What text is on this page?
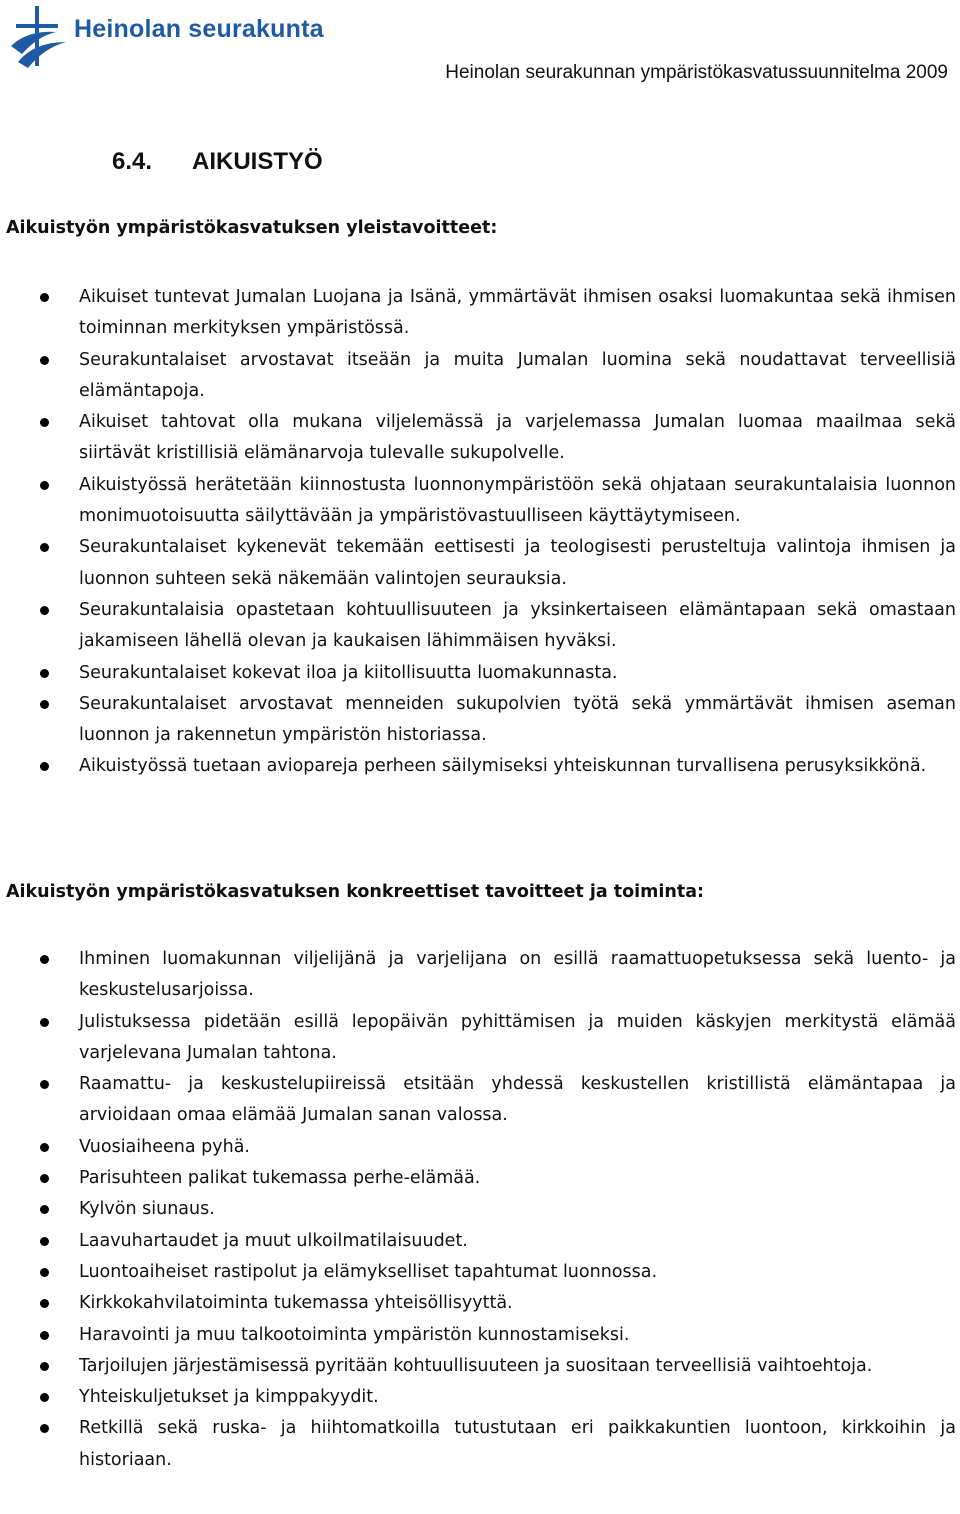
Heinolan seurakunta
Heinolan seurakunnan ympäristökasvatussuunnitelma 2009
6.4. AIKUISTYÖ
Aikuistyön ympäristökasvatuksen yleistavoitteet:
Aikuiset tuntevat Jumalan Luojana ja Isänä, ymmärtävät ihmisen osaksi luomakuntaa sekä ihmisen toiminnan merkityksen ympäristössä.
Seurakuntalaiset arvostavat itseään ja muita Jumalan luomina sekä noudattavat terveellisiä elämäntapoja.
Aikuiset tahtovat olla mukana viljelemässä ja varjelemassa Jumalan luomaa maailmaa sekä siirtävät kristillisiä elämänarvoja tulevalle sukupolvelle.
Aikuistyössä herätetään kiinnostusta luonnonympäristöön sekä ohjataan seurakuntalaisia luonnon monimuotoisuutta säilyttävään ja ympäristövastuulliseen käyttäytymiseen.
Seurakuntalaiset kykenevät tekemään eettisesti ja teologisesti perusteltuja valintoja ihmisen ja luonnon suhteen sekä näkemään valintojen seurauksia.
Seurakuntalaisia opastetaan kohtuullisuuteen ja yksinkertaiseen elämäntapaan sekä omastaan jakamiseen lähellä olevan ja kaukaisen lähimmäisen hyväksi.
Seurakuntalaiset kokevat iloa ja kiitollisuutta luomakunnasta.
Seurakuntalaiset arvostavat menneiden sukupolvien työtä sekä ymmärtävät ihmisen aseman luonnon ja rakennetun ympäristön historiassa.
Aikuistyössä tuetaan aviopareja perheen säilymiseksi yhteiskunnan turvallisena perusyksikkönä.
Aikuistyön ympäristökasvatuksen konkreettiset tavoitteet ja toiminta:
Ihminen luomakunnan viljelijänä ja varjelijana on esillä raamattuopetuksessa sekä luento- ja keskustelusarjoissa.
Julistuksessa pidetään esillä lepopäivän pyhittämisen ja muiden käskyjen merkitystä elämää varjelevana Jumalan tahtona.
Raamattu- ja keskustelupiireissä etsitään yhdessä keskustellen kristillistä elämäntapaa ja arvioidaan omaa elämää Jumalan sanan valossa.
Vuosiaiheena pyhä.
Parisuhteen palikat tukemassa perhe-elämää.
Kylvön siunaus.
Laavuhartaudet ja muut ulkoilmatilaisuudet.
Luontoaiheiset rastipolut ja elämykselliset tapahtumat luonnossa.
Kirkkokahvilatoiminta tukemassa yhteisöllisyyttä.
Haravointi ja muu talkootoiminta ympäristön kunnostamiseksi.
Tarjoilujen järjestämisessä pyritään kohtuullisuuteen ja suositaan terveellisiä vaihtoehtoja.
Yhteiskuljetukset ja kimppakyydit.
Retkillä sekä ruska- ja hiihtomatkoilla tutustutaan eri paikkakuntien luontoon, kirkkoihin ja historiaan.
